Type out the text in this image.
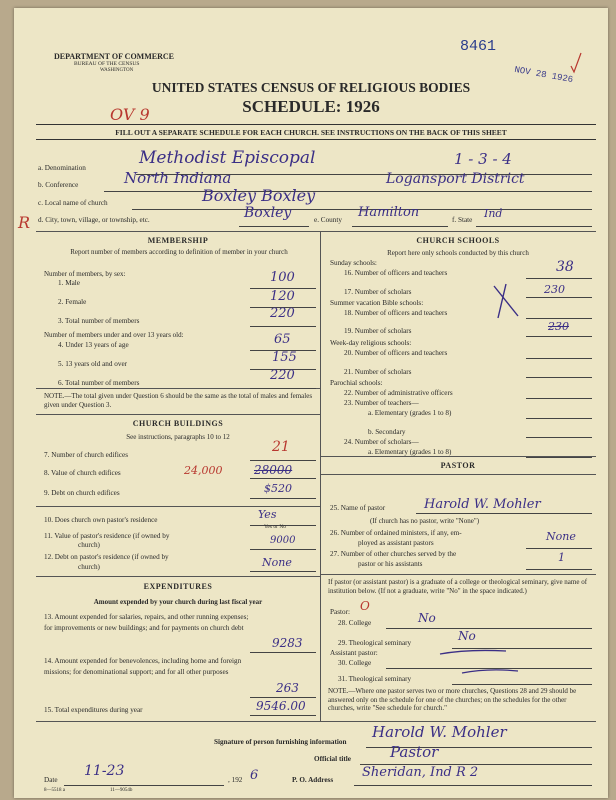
DEPARTMENT OF COMMERCE
BUREAU OF THE CENSUS
WASHINGTON
8461
NOV 28 1926
UNITED STATES CENSUS OF RELIGIOUS BODIES
SCHEDULE: 1926
OV 9
FILL OUT A SEPARATE SCHEDULE FOR EACH CHURCH. SEE INSTRUCTIONS ON THE BACK OF THIS SHEET
a. Denomination	Methodist Episcopal	1 - 3 - 4
b. Conference	North Indiana	Logansport District
c. Local name of church	Boxley Boxley
d. City, town, village, or township, etc.	Boxley	e. County Hamilton	f. State Ind
R
MEMBERSHIP
Report number of members according to definition of member in your church
Number of members, by sex:
1. Male	100
2. Female	120
3. Total number of members	220
Number of members under and over 13 years old:
4. Under 13 years of age	65
5. 13 years old and over	155
6. Total number of members	220
NOTE.—The total given under Question 6 should be the same as the total of males and females given under Question 3.
CHURCH BUILDINGS
See instructions, paragraphs 10 to 12
7. Number of church edifices	21
8. Value of church edifices	24,000	28000
9. Debt on church edifices	$520
10. Does church own pastor's residence	Yes
Yes or No
11. Value of pastor's residence (if owned by
church)	9000
12. Debt on pastor's residence (if owned by
church)	None
EXPENDITURES
Amount expended by your church during last fiscal year
13. Amount expended for salaries, repairs, and other running expenses; for improvements or new buildings; and for payments on church debt
9283
14. Amount expended for benevolences, including home and foreign missions; for denominational support; and for all other purposes
263
15. Total expenditures during year	9546.00
CHURCH SCHOOLS
Report here only schools conducted by this church
Sunday schools:
16. Number of officers and teachers	38
17. Number of scholars	230
Summer vacation Bible schools:
18. Number of officers and teachers
19. Number of scholars	230
Week-day religious schools:
20. Number of officers and teachers
21. Number of scholars
Parochial schools:
22. Number of administrative officers
23. Number of teachers—
a. Elementary (grades 1 to 8)
b. Secondary
24. Number of scholars—
a. Elementary (grades 1 to 8)
PASTOR
25. Name of pastor	Harold W. Mohler
(If church has no pastor, write "None")
26. Number of ordained ministers, if any, em-
ployed as assistant pastors	None
27. Number of other churches served by the
pastor or his assistants	1
If pastor (or assistant pastor) is a graduate of a college or theological seminary, give name of institution below. (If not a graduate, write "No" in the space indicated.)
Pastor: O
28. College	No
29. Theological seminary	No
Assistant pastor:
30. College
31. Theological seminary
NOTE.—Where one pastor serves two or more churches, Questions 28 and 29 should be answered only on the schedule for one of the churches; on the schedules for the other churches, write "See schedule for church."
Signature of person furnishing information
Harold W. Mohler
Official title	Pastor
Date
11-23
, 192 6	P. O. Address Sheridan, Ind R 2
8—5518 a	11—9054b
